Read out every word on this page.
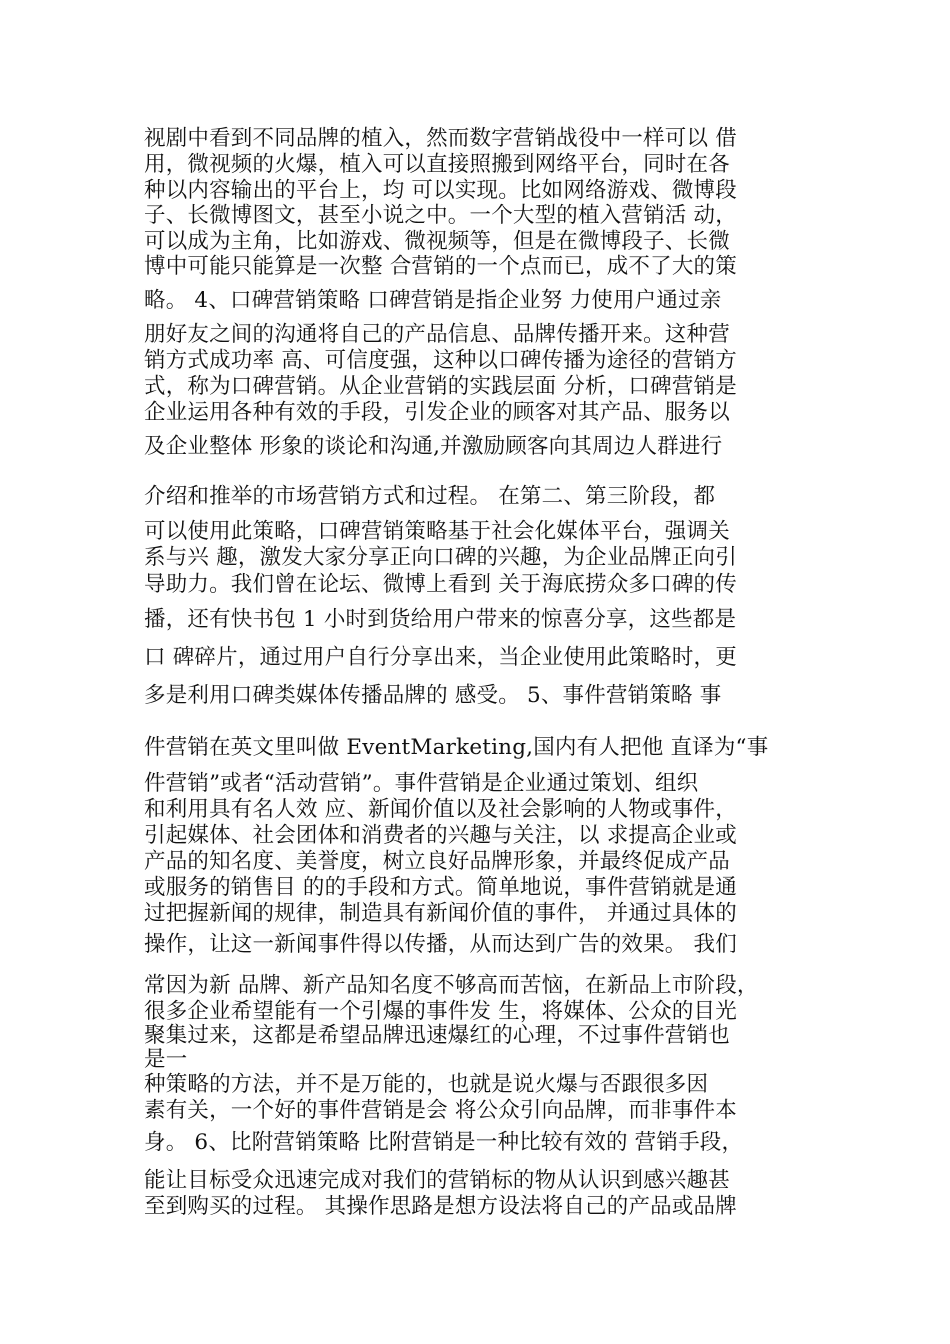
视剧中看到不同品牌的植入，然而数字营销战役中一样可以 借
用，微视频的火爆，植入可以直接照搬到网络平台，同时在各
种以内容输出的平台上，均 可以实现。比如网络游戏、微博段
子、长微博图文，甚至小说之中。一个大型的植入营销活 动，
可以成为主角，比如游戏、微视频等，但是在微博段子、长微
博中可能只能算是一次整 合营销的一个点而已，成不了大的策
略。 4、口碑营销策略 口碑营销是指企业努 力使用户通过亲
朋好友之间的沟通将自己的产品信息、品牌传播开来。这种营
销方式成功率 高、可信度强，这种以口碑传播为途径的营销方
式，称为口碑营销。从企业营销的实践层面 分析，口碑营销是
企业运用各种有效的手段，引发企业的顾客对其产品、服务以
及企业整体 形象的谈论和沟通,并激励顾客向其周边人群进行
介绍和推举的市场营销方式和过程。 在第二、第三阶段，都
可以使用此策略，口碑营销策略基于社会化媒体平台，强调关
系与兴 趣，激发大家分享正向口碑的兴趣，为企业品牌正向引
导助力。我们曾在论坛、微博上看到 关于海底捞众多口碑的传
播，还有快书包 1 小时到货给用户带来的惊喜分享，这些都是
口 碑碎片，通过用户自行分享出来，当企业使用此策略时，更
多是利用口碑类媒体传播品牌的 感受。 5、事件营销策略 事
件营销在英文里叫做 EventMarketing,国内有人把他 直译为“事
件营销”或者“活动营销”。事件营销是企业通过策划、组织
和利用具有名人效 应、新闻价值以及社会影响的人物或事件，
引起媒体、社会团体和消费者的兴趣与关注，以 求提高企业或
产品的知名度、美誉度，树立良好品牌形象，并最终促成产品
或服务的销售目 的的手段和方式。简单地说，事件营销就是通
过把握新闻的规律，制造具有新闻价值的事件， 并通过具体的
操作，让这一新闻事件得以传播，从而达到广告的效果。 我们
常因为新 品牌、新产品知名度不够高而苦恼，在新品上市阶段，
很多企业希望能有一个引爆的事件发 生，将媒体、公众的目光
聚集过来，这都是希望品牌迅速爆红的心理，不过事件营销也
是一
种策略的方法，并不是万能的，也就是说火爆与否跟很多因
素有关，一个好的事件营销是会 将公众引向品牌，而非事件本
身。 6、比附营销策略 比附营销是一种比较有效的 营销手段，
能让目标受众迅速完成对我们的营销标的物从认识到感兴趣甚
至到购买的过程。 其操作思路是想方设法将自己的产品或品牌
